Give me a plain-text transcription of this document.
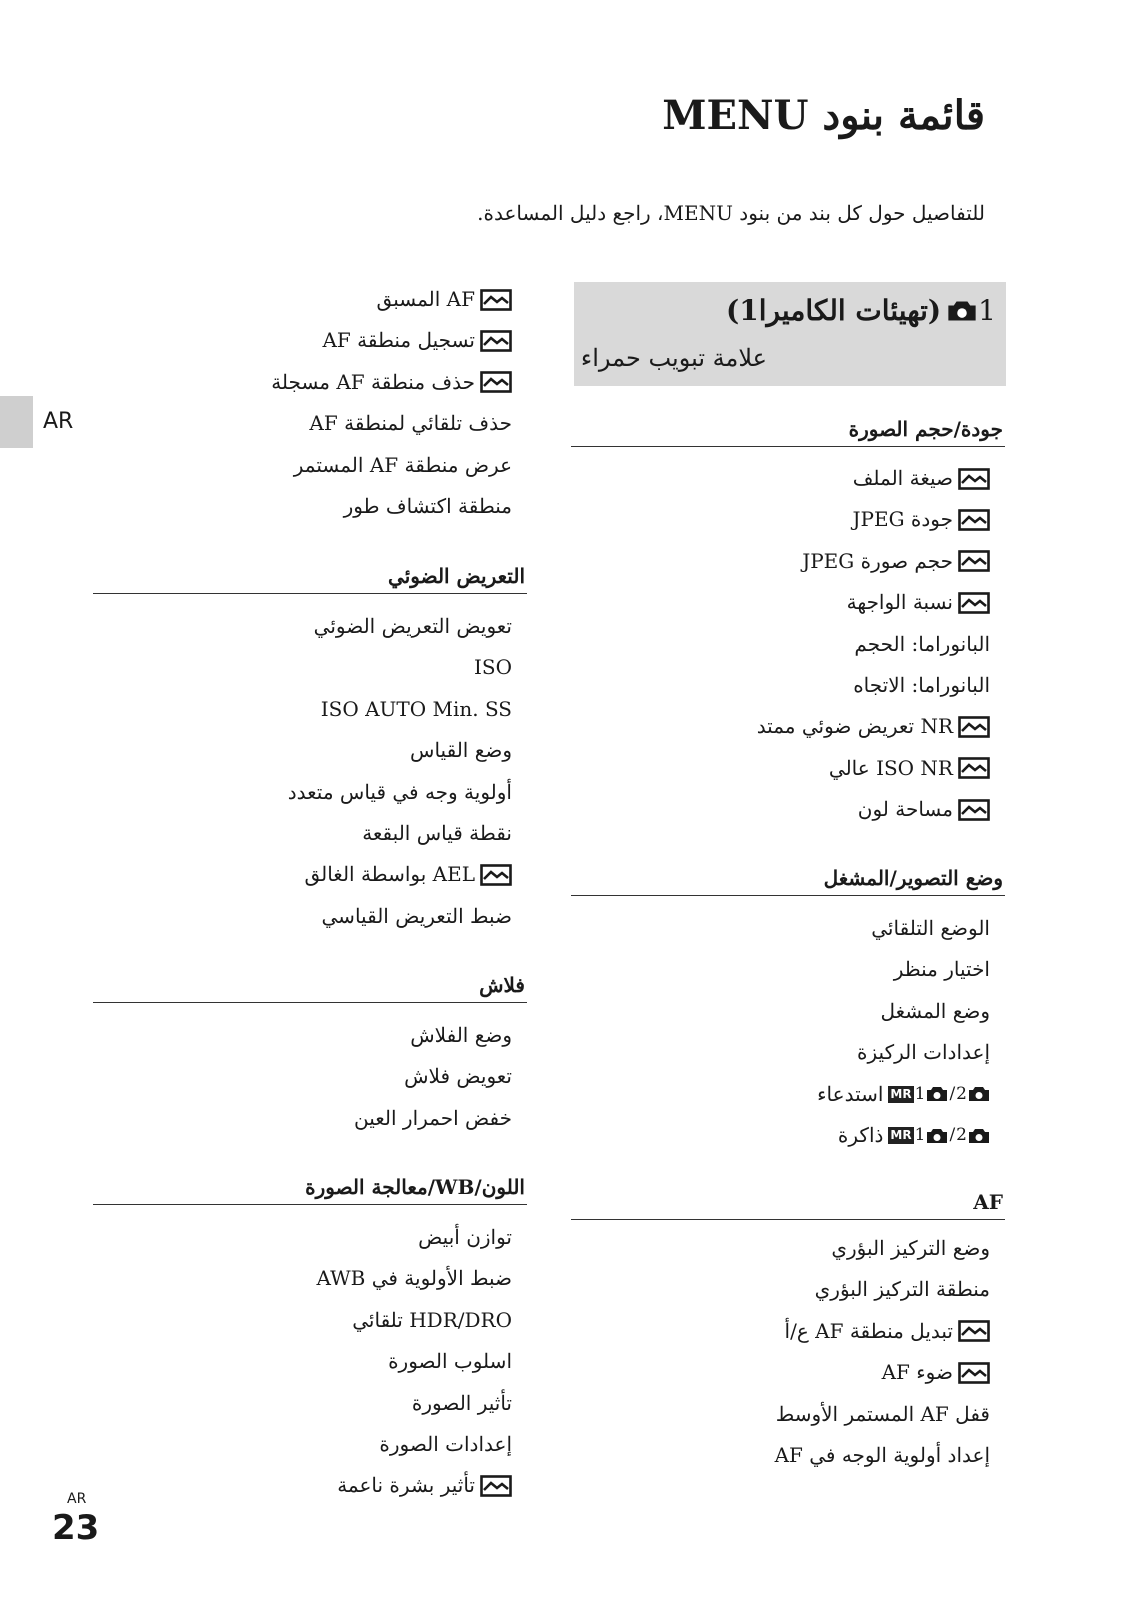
قائمة بنود MENU
للتفاصيل حول كل بند من بنود MENU، راجع دليل المساعدة.
AR
1
(تهيئات الكاميرا1)
علامة تبويب حمراء
جودة/حجم الصورة
صيغة الملف
جودة JPEG
حجم صورة JPEG
نسبة الواجهة
البانوراما: الحجم
البانوراما: الاتجاه
NR تعريض ضوئي ممتد
ISO NR عالي
مساحة لون
وضع التصوير/المشغل
الوضع التلقائي
اختيار منظر
وضع المشغل
إعدادات الركيزة
MR 1 / 2
استدعاء
MR 1 / 2
ذاكرة
AF
وضع التركيز البؤري
منطقة التركيز البؤري
تبديل منطقة AF ع/أ
ضوء AF
قفل AF المستمر الأوسط
إعداد أولوية الوجه في AF
AF المسبق
تسجيل منطقة AF
حذف منطقة AF مسجلة
حذف تلقائي لمنطقة AF
عرض منطقة AF المستمر
منطقة اكتشاف طور
التعريض الضوئي
تعويض التعريض الضوئي
ISO
ISO AUTO Min. SS
وضع القياس
أولوية وجه في قياس متعدد
نقطة قياس البقعة
AEL بواسطة الغالق
ضبط التعريض القياسي
فلاش
وضع الفلاش
تعويض فلاش
خفض احمرار العين
اللون/WB/معالجة الصورة
توازن أبيض
ضبط الأولوية في AWB
HDR/DRO تلقائي
اسلوب الصورة
تأثير الصورة
إعدادات الصورة
تأثير بشرة ناعمة
AR
23
